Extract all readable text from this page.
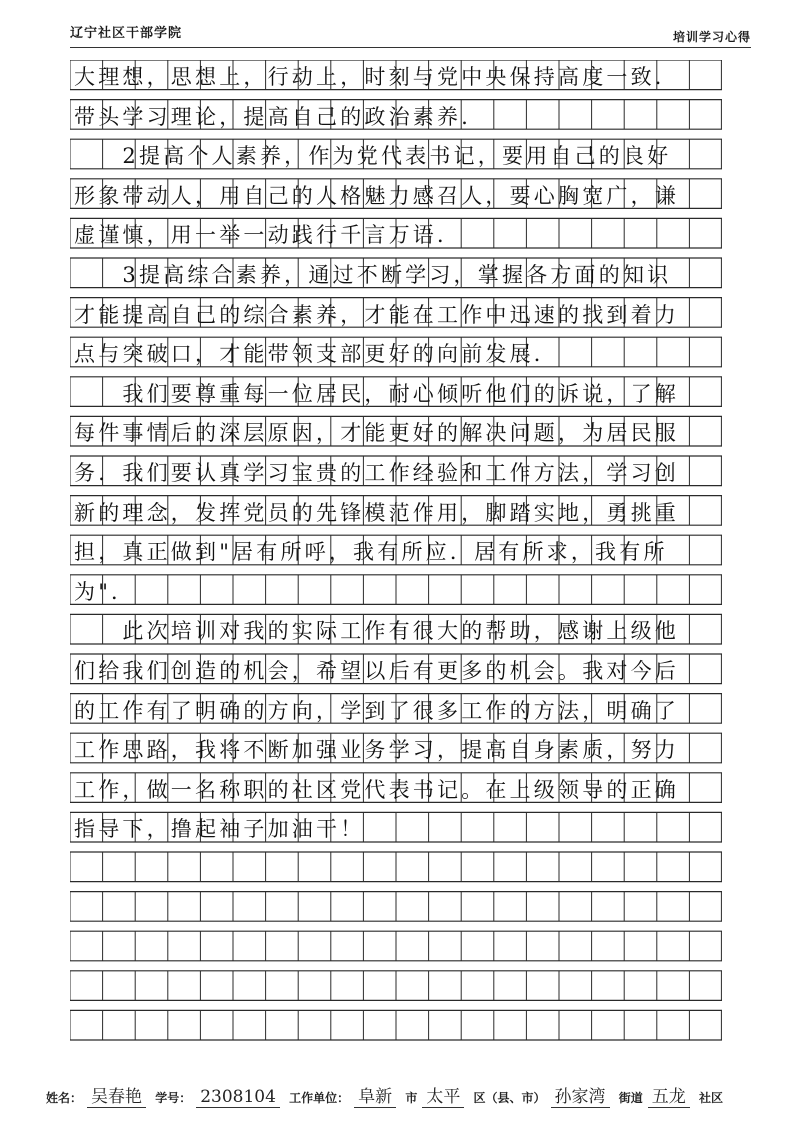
辽宁社区干部学院	培训学习心得
大理想，思想上，行动上，时刻与党中央保持高度一致．
带头学习理论，提高自己的政治素养．
　　2提高个人素养，作为党代表书记，要用自己的良好
形象带动人，用自己的人格魅力感召人，要心胸宽广，谦
虚谨慎，用一举一动践行千言万语．
　　3提高综合素养，通过不断学习，掌握各方面的知识
才能提高自己的综合素养，才能在工作中迅速的找到着力
点与突破口，才能带领支部更好的向前发展．
　　我们要尊重每一位居民，耐心倾听他们的诉说，了解
每件事情后的深层原因，才能更好的解决问题，为居民服
务．我们要认真学习宝贵的工作经验和工作方法，学习创
新的理念，发挥党员的先锋模范作用，脚踏实地，勇挑重
担，真正做到"居有所呼，我有所应．居有所求，我有所
为"．
　　此次培训对我的实际工作有很大的帮助，感谢上级他
们给我们创造的机会，希望以后有更多的机会。我对今后
的工作有了明确的方向，学到了很多工作的方法，明确了
工作思路，我将不断加强业务学习，提高自身素质，努力
工作，做一名称职的社区党代表书记。在上级领导的正确
指导下，撸起袖子加油干！
姓名： 吴春艳 学号： 2308104 工作单位： 阜新 市 太平 区（县、市） 孙家湾 街道 五龙 社区
